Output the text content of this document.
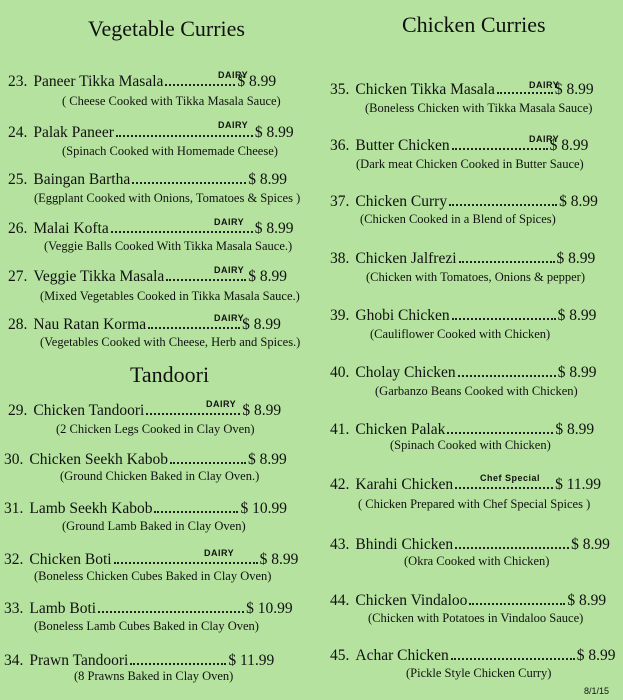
Vegetable Curries
23. Paneer Tikka Masala	$ 8.99
DAIRY
( Cheese Cooked with Tikka Masala Sauce)
24. Palak Paneer	$ 8.99
DAIRY
(Spinach Cooked with Homemade Cheese)
25. Baingan Bartha	$ 8.99
(Eggplant Cooked with Onions, Tomatoes & Spices )
26. Malai Kofta	$ 8.99
DAIRY
(Veggie Balls Cooked With Tikka Masala Sauce.)
27. Veggie Tikka Masala	$ 8.99
DAIRY
(Mixed Vegetables Cooked in Tikka Masala Sauce.)
28. Nau Ratan Korma	$ 8.99
DAIRY
(Vegetables Cooked with Cheese, Herb and Spices.)
Tandoori
29. Chicken Tandoori	$ 8.99
DAIRY
(2 Chicken Legs Cooked in Clay Oven)
30. Chicken Seekh Kabob	$ 8.99
(Ground Chicken Baked in Clay Oven.)
31. Lamb Seekh Kabob	$ 10.99
(Ground Lamb Baked in Clay Oven)
32. Chicken Boti	$ 8.99
DAIRY
(Boneless Chicken Cubes Baked in Clay Oven)
33. Lamb Boti	$ 10.99
(Boneless Lamb Cubes Baked in Clay Oven)
34. Prawn Tandoori	$ 11.99
(8 Prawns Baked in Clay Oven)
Chicken Curries
35. Chicken Tikka Masala	$ 8.99
DAIRY
(Boneless Chicken with Tikka Masala Sauce)
36. Butter Chicken	$ 8.99
DAIRY
(Dark meat Chicken Cooked in Butter Sauce)
37. Chicken Curry	$ 8.99
(Chicken Cooked in a Blend of Spices)
38. Chicken Jalfrezi	$ 8.99
(Chicken with Tomatoes, Onions & pepper)
39. Ghobi Chicken	$ 8.99
(Cauliflower Cooked with Chicken)
40. Cholay Chicken	$ 8.99
(Garbanzo Beans Cooked with Chicken)
41. Chicken Palak	$ 8.99
(Spinach Cooked with Chicken)
42. Karahi Chicken	$ 11.99
Chef Special
( Chicken Prepared with Chef Special Spices )
43. Bhindi Chicken	$ 8.99
(Okra Cooked with Chicken)
44. Chicken Vindaloo	$ 8.99
(Chicken with Potatoes in Vindaloo Sauce)
45. Achar Chicken	$ 8.99
(Pickle Style Chicken Curry)
8/1/15
